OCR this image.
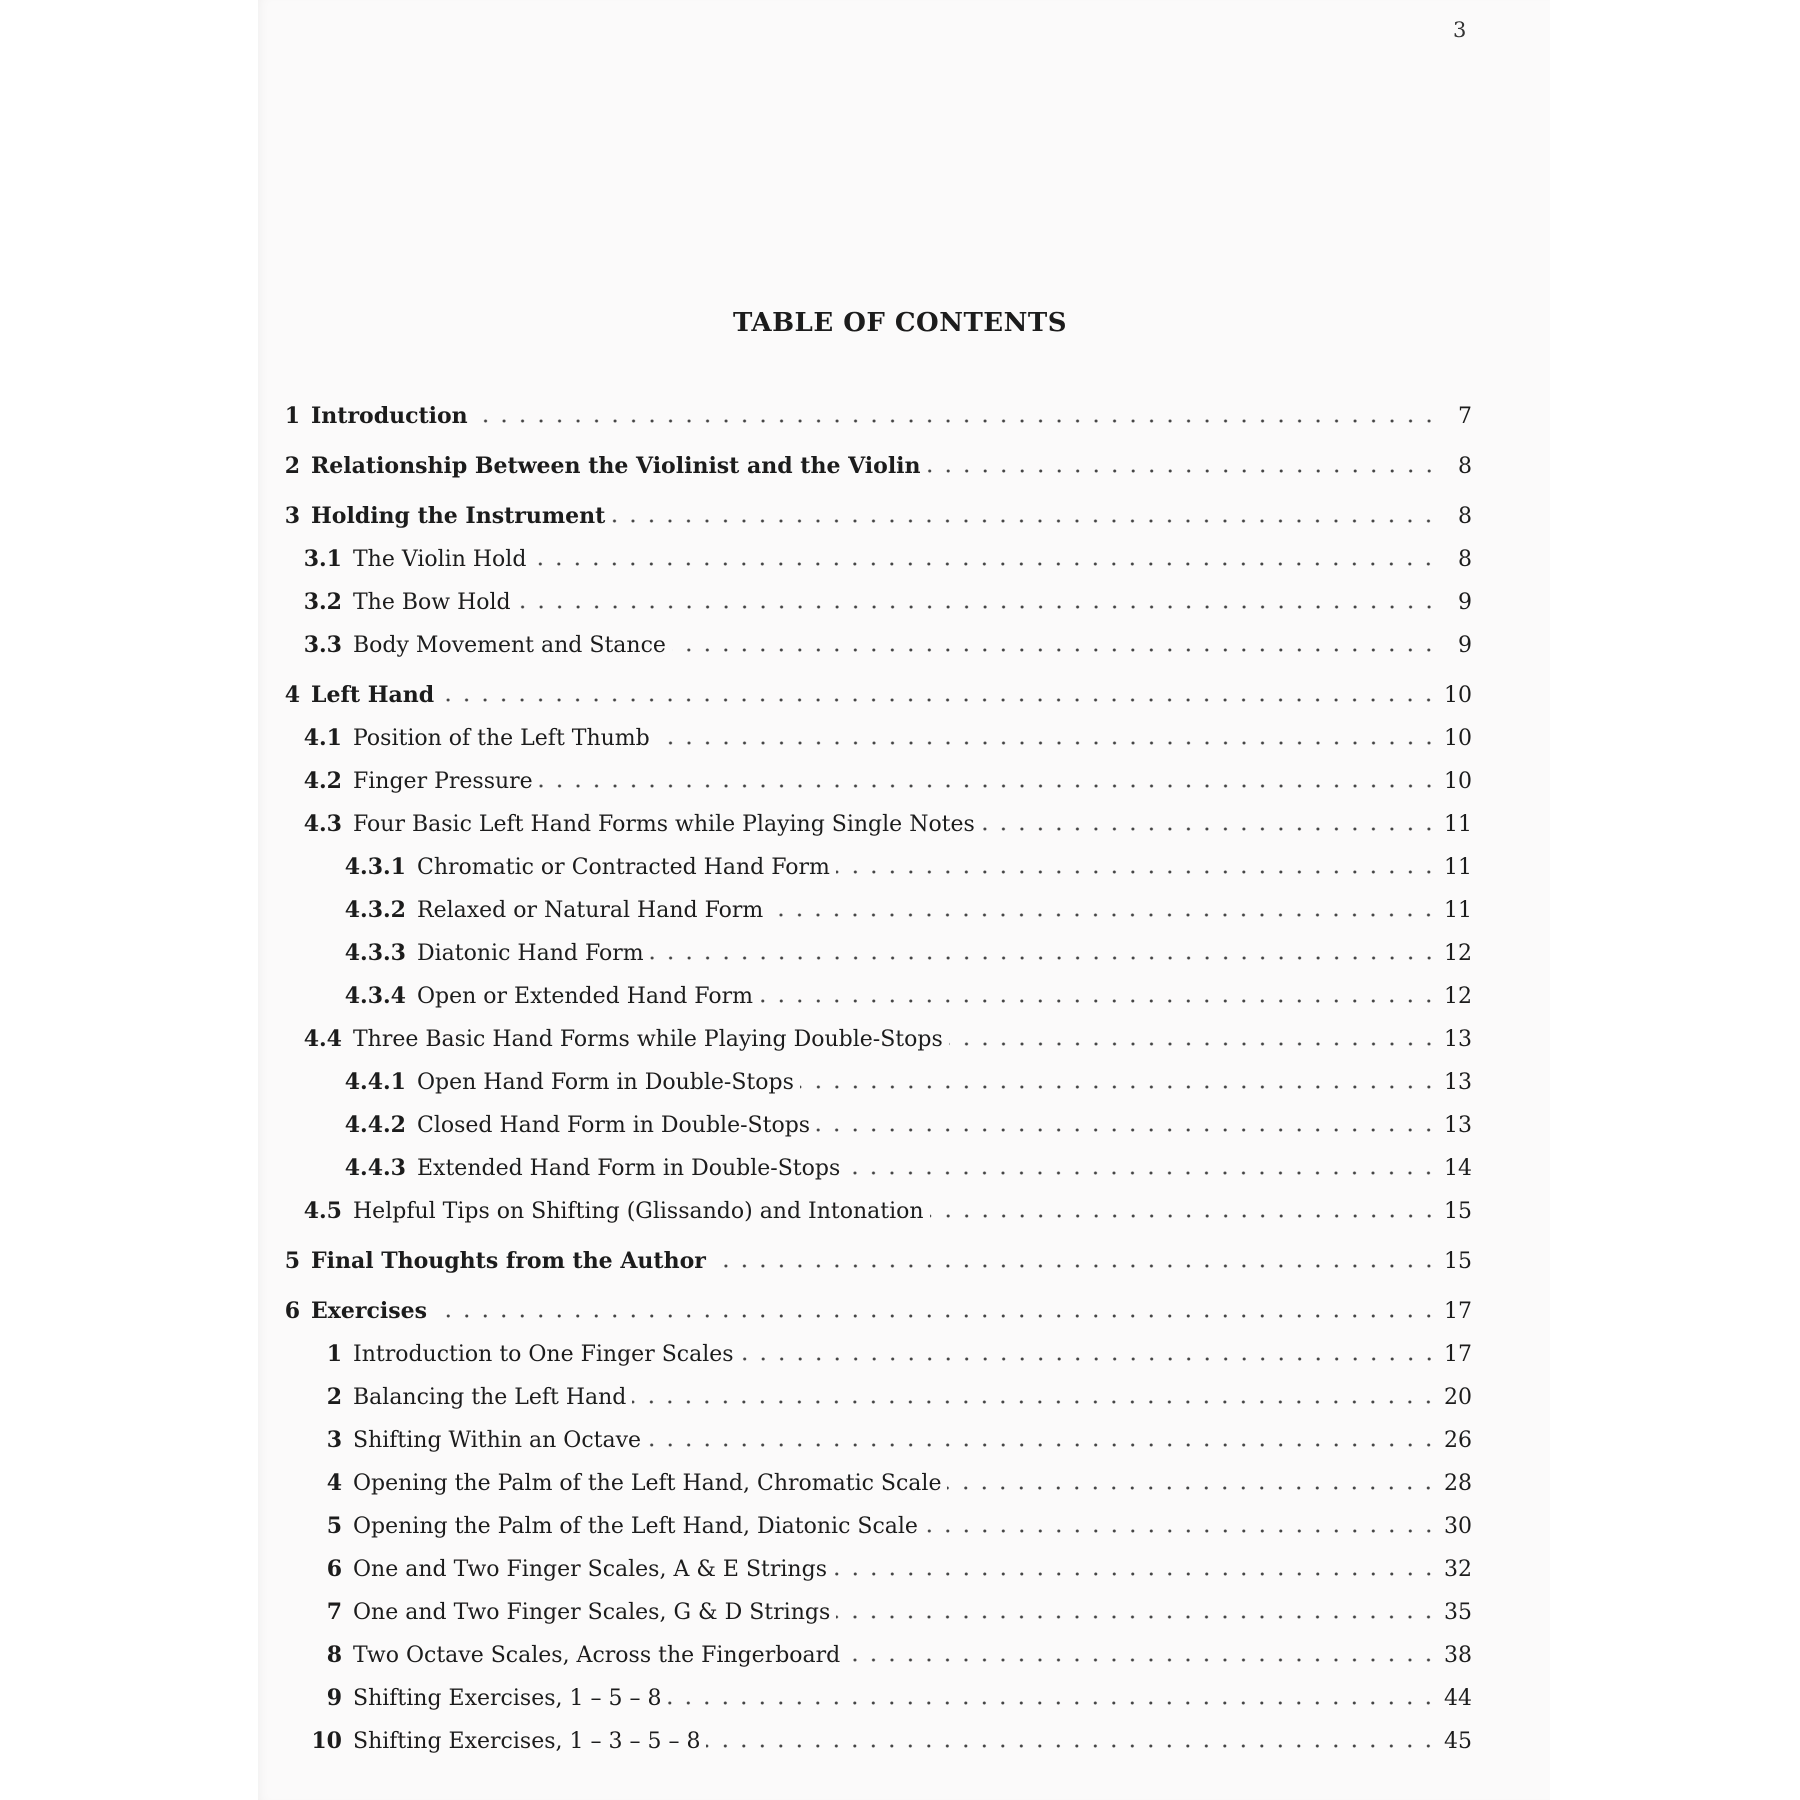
3
TABLE OF CONTENTS
1 Introduction	7
2 Relationship Between the Violinist and the Violin	8
3 Holding the Instrument	8
3.1 The Violin Hold	8
3.2 The Bow Hold	9
3.3 Body Movement and Stance	9
4 Left Hand	10
4.1 Position of the Left Thumb	10
4.2 Finger Pressure	10
4.3 Four Basic Left Hand Forms while Playing Single Notes	11
4.3.1 Chromatic or Contracted Hand Form	11
4.3.2 Relaxed or Natural Hand Form	11
4.3.3 Diatonic Hand Form	12
4.3.4 Open or Extended Hand Form	12
4.4 Three Basic Hand Forms while Playing Double-Stops	13
4.4.1 Open Hand Form in Double-Stops	13
4.4.2 Closed Hand Form in Double-Stops	13
4.4.3 Extended Hand Form in Double-Stops	14
4.5 Helpful Tips on Shifting (Glissando) and Intonation	15
5 Final Thoughts from the Author	15
6 Exercises	17
1 Introduction to One Finger Scales	17
2 Balancing the Left Hand	20
3 Shifting Within an Octave	26
4 Opening the Palm of the Left Hand, Chromatic Scale	28
5 Opening the Palm of the Left Hand, Diatonic Scale	30
6 One and Two Finger Scales, A & E Strings	32
7 One and Two Finger Scales, G & D Strings	35
8 Two Octave Scales, Across the Fingerboard	38
9 Shifting Exercises, 1 – 5 – 8	44
10 Shifting Exercises, 1 – 3 – 5 – 8	45
